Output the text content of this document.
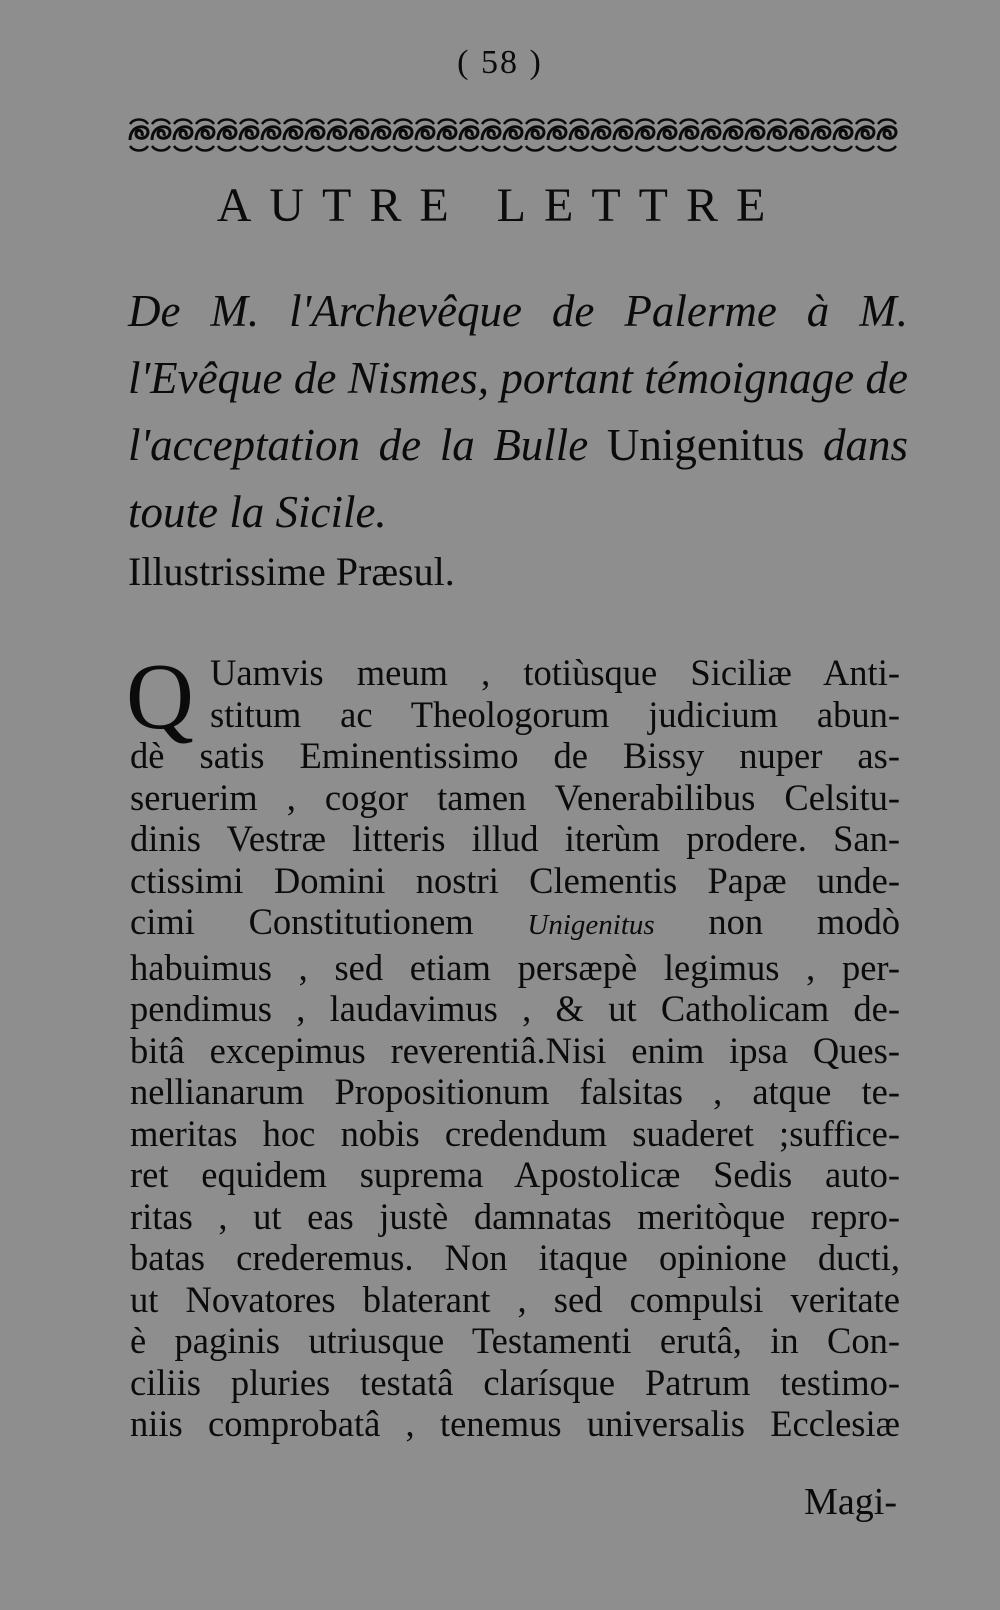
( 58 )
AUTRE LETTRE
De M. l'Archevêque de Palerme à M. l'Evêque de Nismes, portant témoignage de l'acceptation de la Bulle Unigenitus dans toute la Sicile.
Illustrissime Præsul.
Q Uamvis meum , totiùsque Siciliæ Anti-
stitum ac Theologorum judicium abun-
dè satis Eminentissimo de Bissy nuper as-
seruerim , cogor tamen Venerabilibus Celsitu-
dinis Vestræ litteris illud iterùm prodere. San-
ctissimi Domini nostri Clementis Papæ unde-
cimi Constitutionem Unigenitus non modò
habuimus , sed etiam persæpè legimus , per-
pendimus , laudavimus , & ut Catholicam de-
bitâ excepimus reverentiâ.Nisi enim ipsa Ques-
nellianarum Propositionum falsitas , atque te-
meritas hoc nobis credendum suaderet ;suffice-
ret equidem suprema Apostolicæ Sedis auto-
ritas , ut eas justè damnatas meritòque repro-
batas crederemus. Non itaque opinione ducti,
ut Novatores blaterant , sed compulsi veritate
è paginis utriusque Testamenti erutâ, in Con-
ciliis pluries testatâ clarísque Patrum testimo-
niis comprobatâ , tenemus universalis Ecclesiæ
Magi-
